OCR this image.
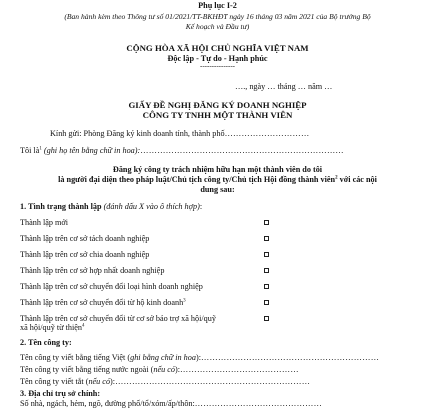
Phụ lục I-2
(Ban hành kèm theo Thông tư số 01/2021/TT-BKHĐT ngày 16 tháng 03 năm 2021 của Bộ trưởng Bộ
Kế hoạch và Đầu tư)
CỘNG HÒA XÃ HỘI CHỦ NGHĨA VIỆT NAM
Độc lập - Tự do - Hạnh phúc
---------------
…., ngày … tháng … năm …
GIẤY ĐỀ NGHỊ ĐĂNG KÝ DOANH NGHIỆP
CÔNG TY TNHH MỘT THÀNH VIÊN
Kính gửi: Phòng Đăng ký kinh doanh tỉnh, thành phố…………………………
Tôi $là^1$ (ghi họ tên bằng chữ in hoa):………………………………………………………………
Đăng ký công ty trách nhiệm hữu hạn một thành viên do tôi
là người đại diện theo pháp luật/Chủ tịch công ty/Chủ tịch Hội đồng thành viên$^2$ với các nội
dung sau:
1. Tình trạng thành lập (đánh dấu X vào ô thích hợp):
Thành lập mới
Thành lập trên cơ sở tách doanh nghiệp
Thành lập trên cơ sở chia doanh nghiệp
Thành lập trên cơ sở hợp nhất doanh nghiệp
Thành lập trên cơ sở chuyển đổi loại hình doanh nghiệp
Thành lập trên cơ sở chuyển đổi từ hộ kinh doanh$^3$
Thành lập trên cơ sở chuyển đổi từ cơ sở bảo trợ xã hội/quỹ
xã hội/quỹ từ thiện$^4$
2. Tên công ty:
Tên công ty viết bằng tiếng Việt (ghi bằng chữ in hoa):………………………………………………………
Tên công ty viết bằng tiếng nước ngoài (nếu có):……………………………………
Tên công ty viết tắt (nếu có):……………………………………………………………
3. Địa chỉ trụ sở chính:
Số nhà, ngách, hẻm, ngõ, đường phố/tổ/xóm/ấp/thôn:………………………………………
